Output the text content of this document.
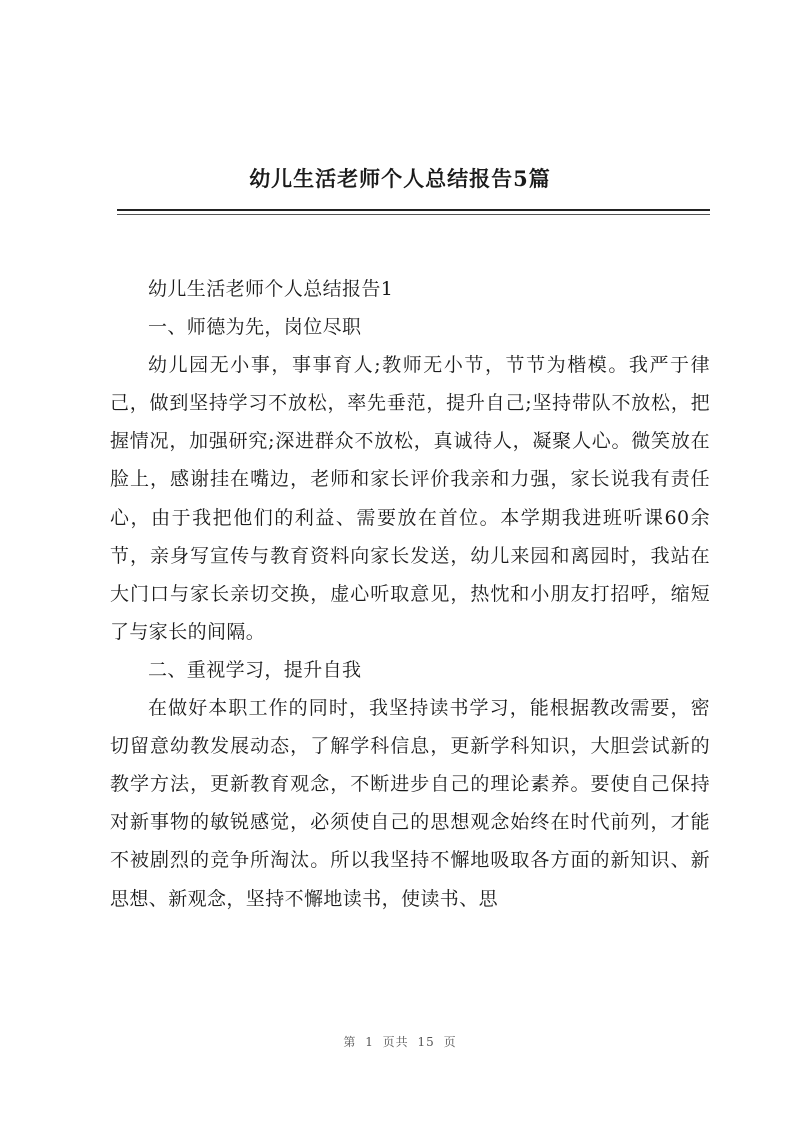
幼儿生活老师个人总结报告5篇

幼儿生活老师个人总结报告1

一、师德为先，岗位尽职

幼儿园无小事，事事育人;教师无小节，节节为楷模。我严于律己，做到坚持学习不放松，率先垂范，提升自己;坚持带队不放松，把握情况，加强研究;深进群众不放松，真诚待人，凝聚人心。微笑放在脸上，感谢挂在嘴边，老师和家长评价我亲和力强，家长说我有责任心，由于我把他们的利益、需要放在首位。本学期我进班听课60余节，亲身写宣传与教育资料向家长发送，幼儿来园和离园时，我站在大门口与家长亲切交换，虚心听取意见，热忱和小朋友打招呼，缩短了与家长的间隔。

二、重视学习，提升自我

在做好本职工作的同时，我坚持读书学习，能根据教改需要，密切留意幼教发展动态，了解学科信息，更新学科知识，大胆尝试新的教学方法，更新教育观念，不断进步自己的理论素养。要使自己保持对新事物的敏锐感觉，必须使自己的思想观念始终在时代前列，才能不被剧烈的竞争所淘汰。所以我坚持不懈地吸取各方面的新知识、新思想、新观念，坚持不懈地读书，使读书、思

第 1 页共 15 页
